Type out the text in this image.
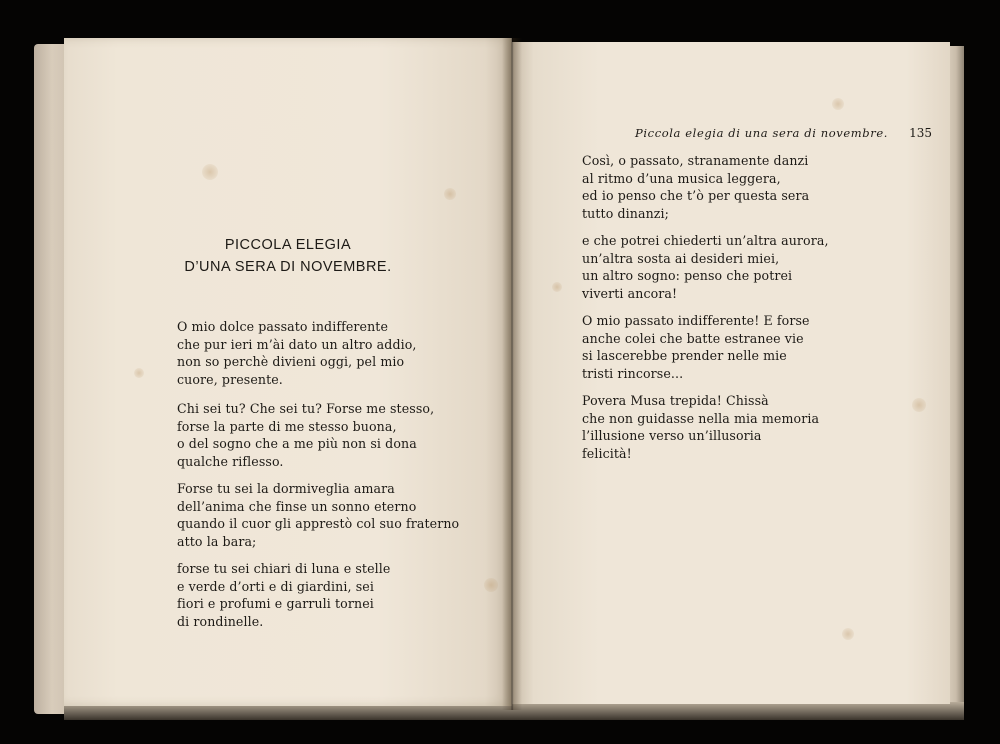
PICCOLA ELEGIA
D’UNA SERA DI NOVEMBRE.
O mio dolce passato indifferente
che pur ieri m’ài dato un altro addio,
non so perchè divieni oggi, pel mio
cuore, presente.
Chi sei tu? Che sei tu? Forse me stesso,
forse la parte di me stesso buona,
o del sogno che a me più non si dona
qualche riflesso.
Forse tu sei la dormiveglia amara
dell’anima che finse un sonno eterno
quando il cuor gli apprestò col suo fraterno
atto la bara;
forse tu sei chiari di luna e stelle
e verde d’orti e di giardini, sei
fiori e profumi e garruli tornei
di rondinelle.
Piccola elegia di una sera di novembre. 135
Così, o passato, stranamente danzi
al ritmo d’una musica leggera,
ed io penso che t’ò per questa sera
tutto dinanzi;
e che potrei chiederti un’altra aurora,
un’altra sosta ai desideri miei,
un altro sogno: penso che potrei
viverti ancora!
O mio passato indifferente! E forse
anche colei che batte estranee vie
si lascerebbe prender nelle mie
tristi rincorse...
Povera Musa trepida! Chissà
che non guidasse nella mia memoria
l’illusione verso un’illusoria
felicità!
